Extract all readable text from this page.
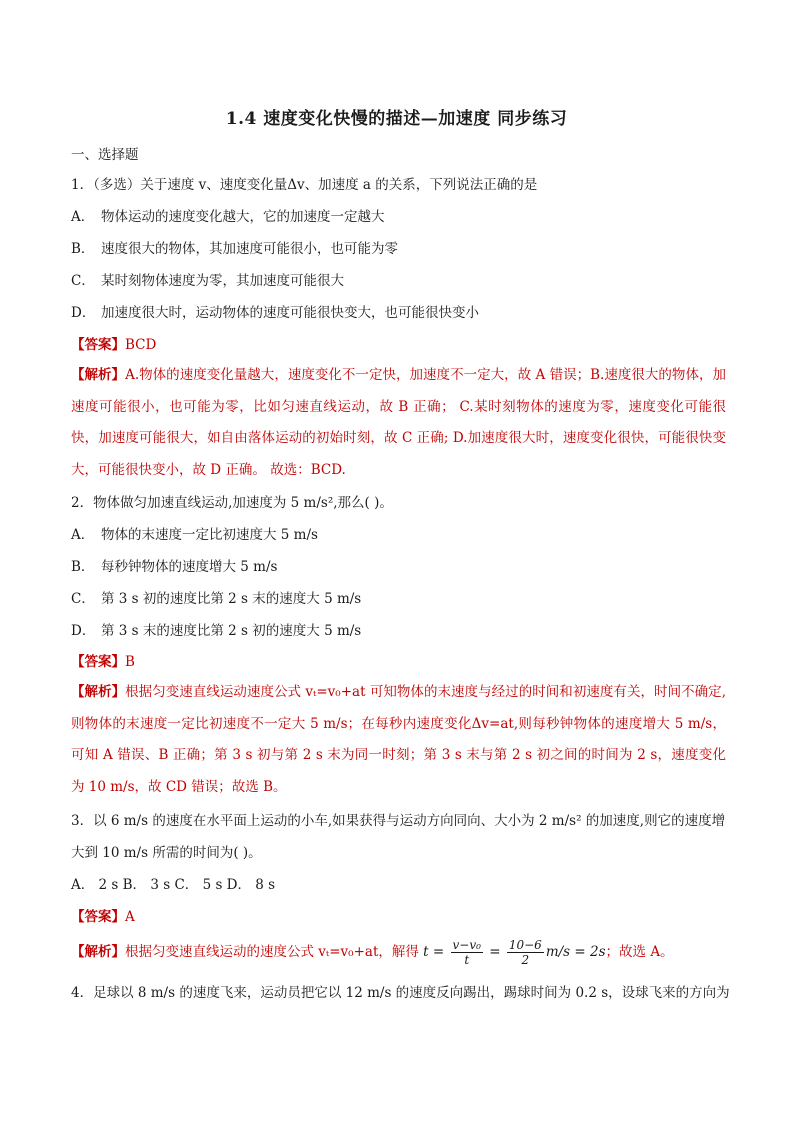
1.4 速度变化快慢的描述—加速度 同步练习
一、选择题
1．（多选）关于速度 v、速度变化量Δv、加速度 a 的关系，下列说法正确的是
A． 物体运动的速度变化越大，它的加速度一定越大
B． 速度很大的物体，其加速度可能很小，也可能为零
C． 某时刻物体速度为零，其加速度可能很大
D． 加速度很大时，运动物体的速度可能很快变大，也可能很快变小
【答案】BCD
【解析】A.物体的速度变化量越大，速度变化不一定快，加速度不一定大，故 A 错误；B.速度很大的物体，加速度可能很小，也可能为零，比如匀速直线运动，故 B 正确； C.某时刻物体的速度为零，速度变化可能很快，加速度可能很大，如自由落体运动的初始时刻，故 C 正确; D.加速度很大时，速度变化很快，可能很快变大，可能很快变小，故 D 正确。 故选：BCD.
2．物体做匀加速直线运动,加速度为 5 m/s²,那么( )。
A． 物体的末速度一定比初速度大 5 m/s
B． 每秒钟物体的速度增大 5 m/s
C． 第 3 s 初的速度比第 2 s 末的速度大 5 m/s
D． 第 3 s 末的速度比第 2 s 初的速度大 5 m/s
【答案】B
【解析】根据匀变速直线运动速度公式 vₜ=v₀+at 可知物体的末速度与经过的时间和初速度有关，时间不确定,则物体的末速度一定比初速度不一定大 5 m/s；在每秒内速度变化Δv=at,则每秒钟物体的速度增大 5 m/s，可知 A 错误、B 正确；第 3 s 初与第 2 s 末为同一时刻；第 3 s 末与第 2 s 初之间的时间为 2 s，速度变化为 10 m/s，故 CD 错误；故选 B。
3．以 6 m/s 的速度在水平面上运动的小车,如果获得与运动方向同向、大小为 2 m/s² 的加速度,则它的速度增
大到 10 m/s 所需的时间为( )。
A． 2 s B． 3 s C． 5 s D． 8 s
【答案】A
【解析】根据匀变速直线运动的速度公式 vₜ=v₀+at，解得 $t = \frac{\text{v−v₀}}{t} = \frac{10-6}{2} m/s = 2s$；故选 A。
4．足球以 8 m/s 的速度飞来，运动员把它以 12 m/s 的速度反向踢出，踢球时间为 0.2 s，设球飞来的方向为
